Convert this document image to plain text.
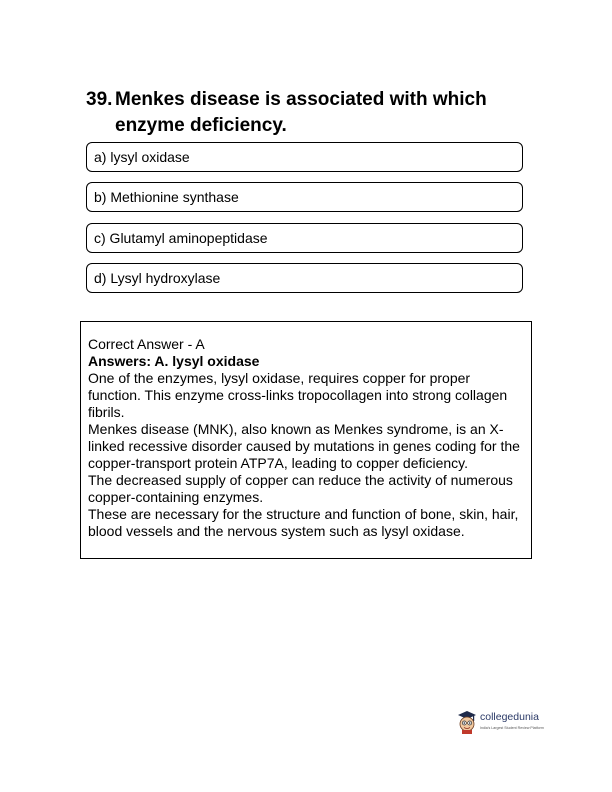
39. Menkes disease is associated with which enzyme deficiency.
a) lysyl oxidase
b) Methionine synthase
c) Glutamyl aminopeptidase
d) Lysyl hydroxylase

Correct Answer - A

Answers: A. lysyl oxidase

One of the enzymes, lysyl oxidase, requires copper for proper function. This enzyme cross-links tropocollagen into strong collagen fibrils.

Menkes disease (MNK), also known as Menkes syndrome, is an X-linked recessive disorder caused by mutations in genes coding for the copper-transport protein ATP7A, leading to copper deficiency.

The decreased supply of copper can reduce the activity of numerous copper-containing enzymes.

These are necessary for the structure and function of bone, skin, hair, blood vessels and the nervous system such as lysyl oxidase.

collegedunia
India's Largest Student Review Platform
